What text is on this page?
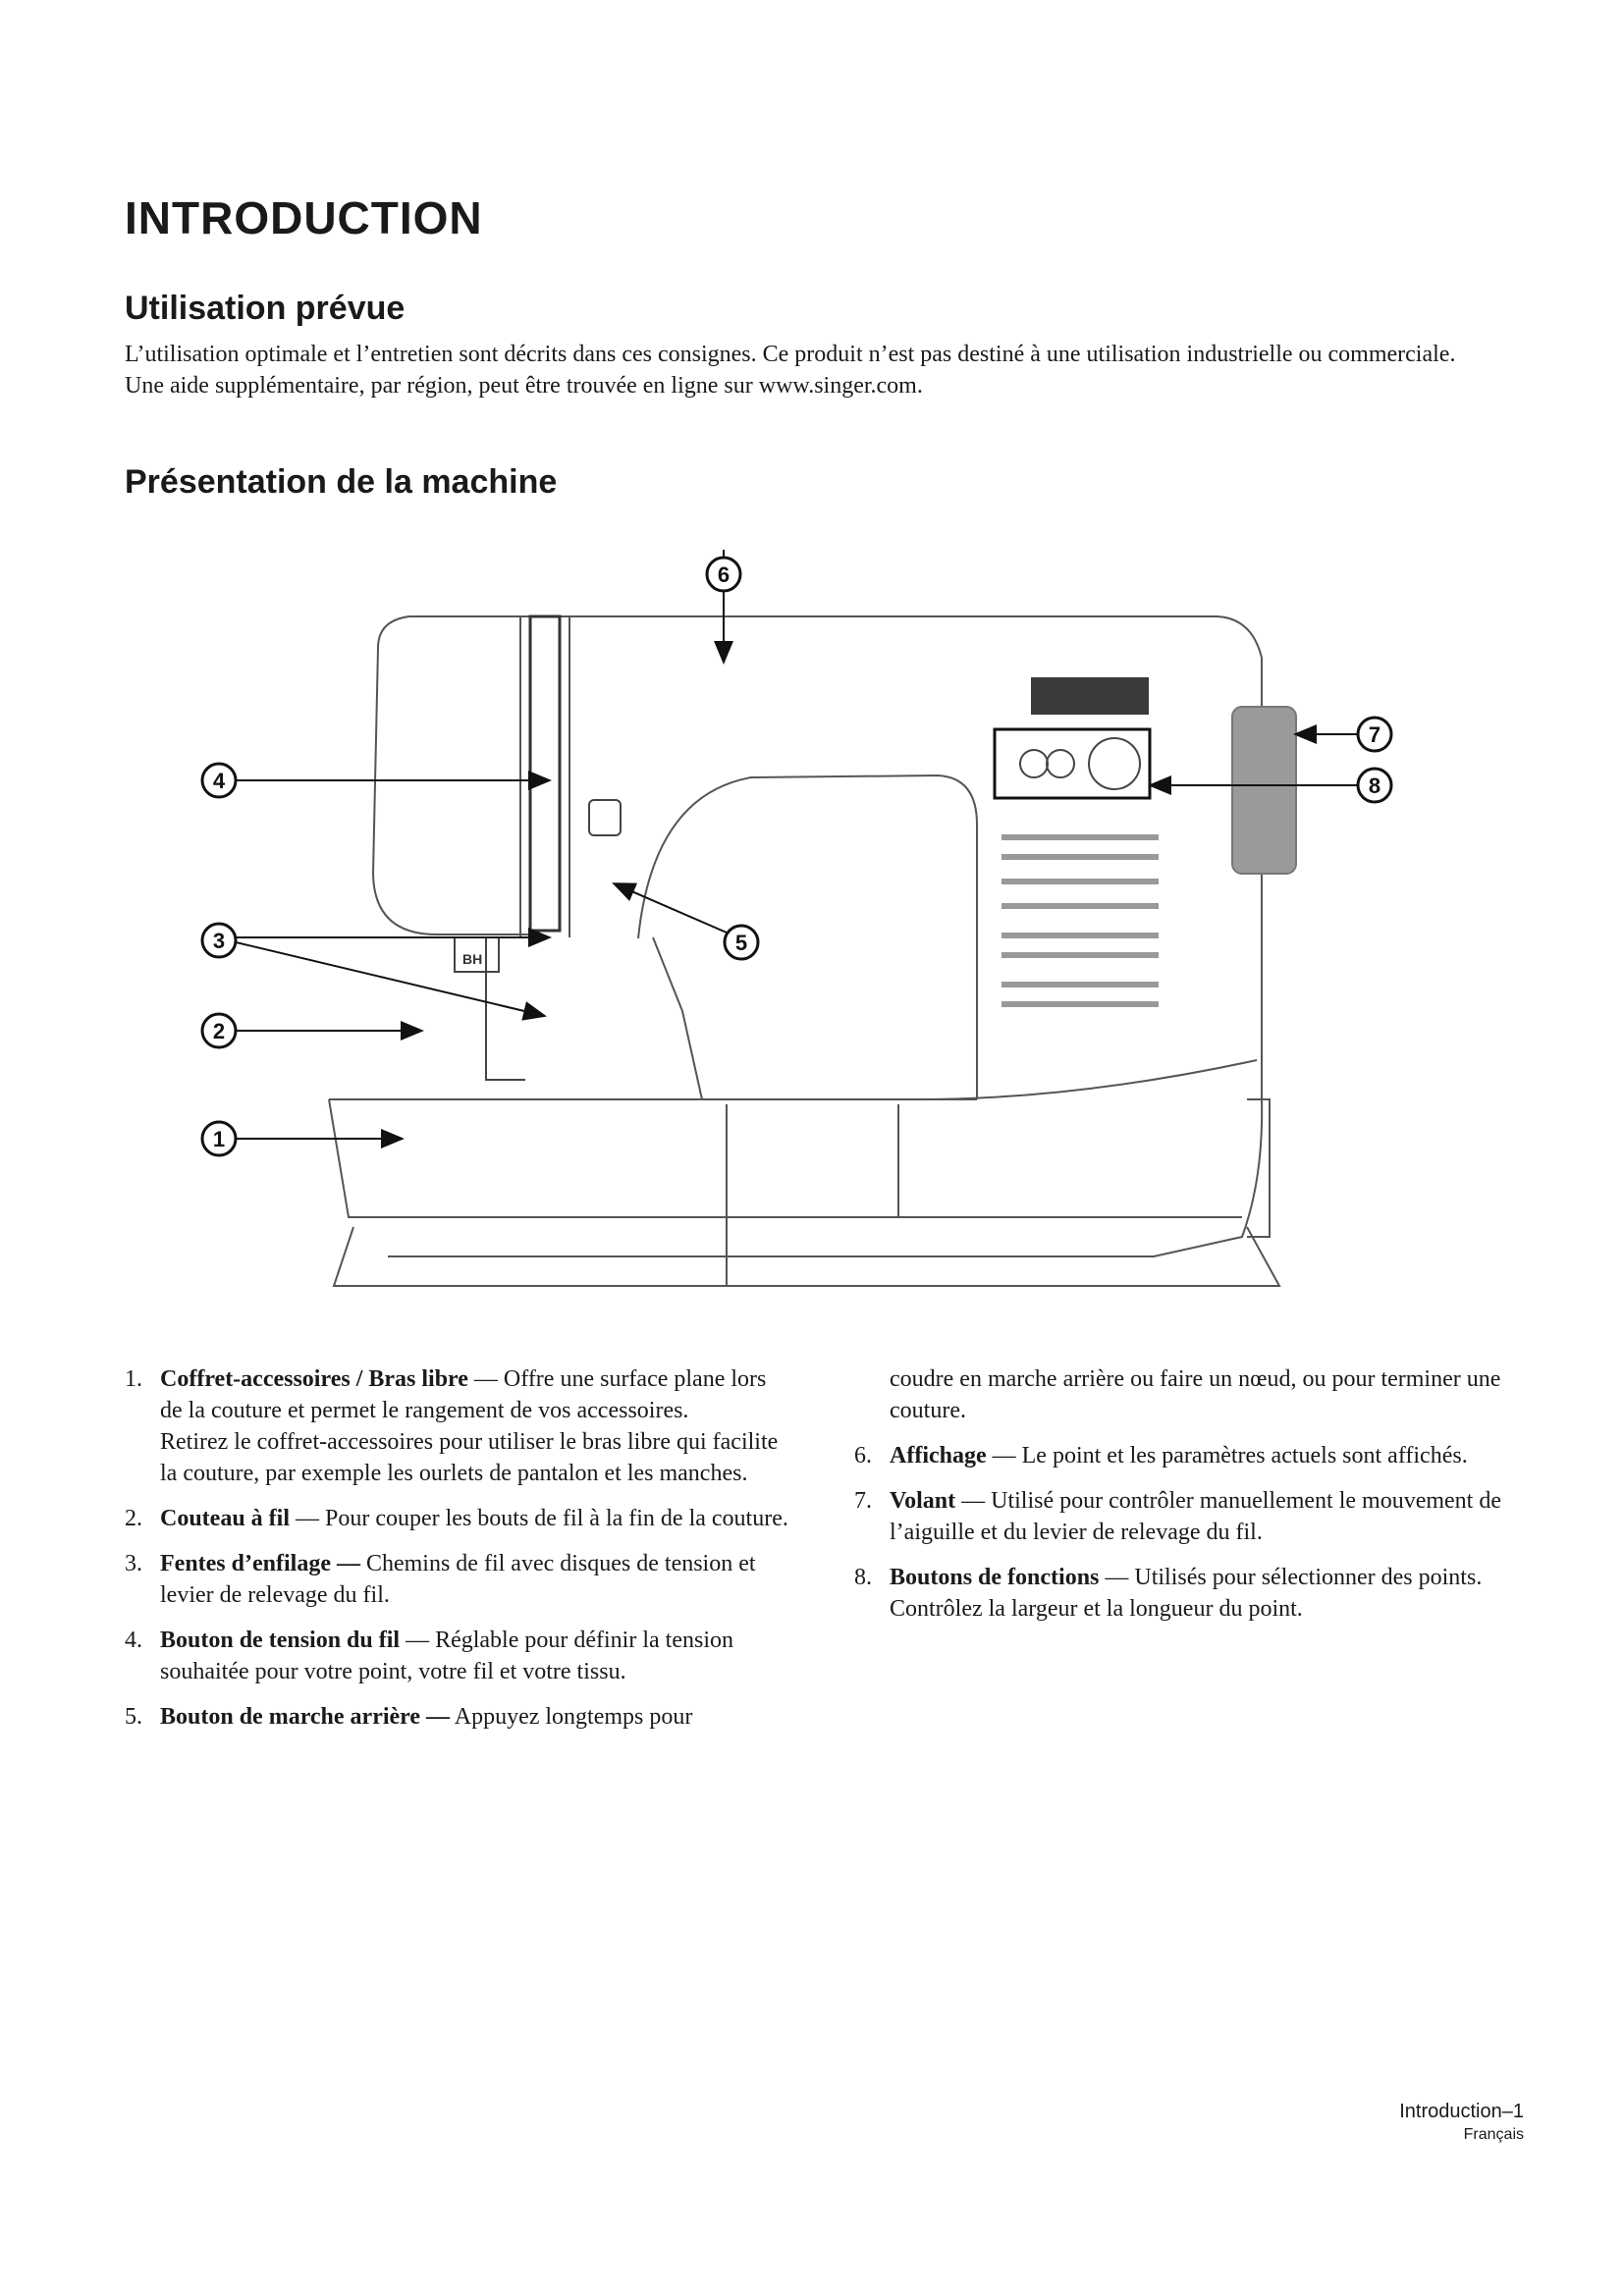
INTRODUCTION
Utilisation prévue

L’utilisation optimale et l’entretien sont décrits dans ces consignes. Ce produit n’est pas destiné à une utilisation industrielle ou commerciale.

Une aide supplémentaire, par région, peut être trouvée en ligne sur www.singer.com.

Présentation de la machine
BH
1
2
3
4
5
6
7
8
1. Coffret-accessoires / Bras libre — Offre une surface plane lors de la couture et permet le rangement de vos accessoires.
Retirez le coffret-accessoires pour utiliser le bras libre qui facilite la couture, par exemple les ourlets de pantalon et les manches.
2. Couteau à fil — Pour couper les bouts de fil à la fin de la couture.
3. Fentes d’enfilage — Chemins de fil avec disques de tension et levier de relevage du fil.
4. Bouton de tension du fil — Réglable pour définir la tension souhaitée pour votre point, votre fil et votre tissu.
5. Bouton de marche arrière — Appuyez longtemps pour
coudre en marche arrière ou faire un nœud, ou pour terminer une couture.
6. Affichage — Le point et les paramètres actuels sont affichés.
7. Volant — Utilisé pour contrôler manuellement le mouvement de l’aiguille et du levier de relevage du fil.
8. Boutons de fonctions — Utilisés pour sélectionner des points. Contrôlez la largeur et la longueur du point.
Introduction–1
Français
